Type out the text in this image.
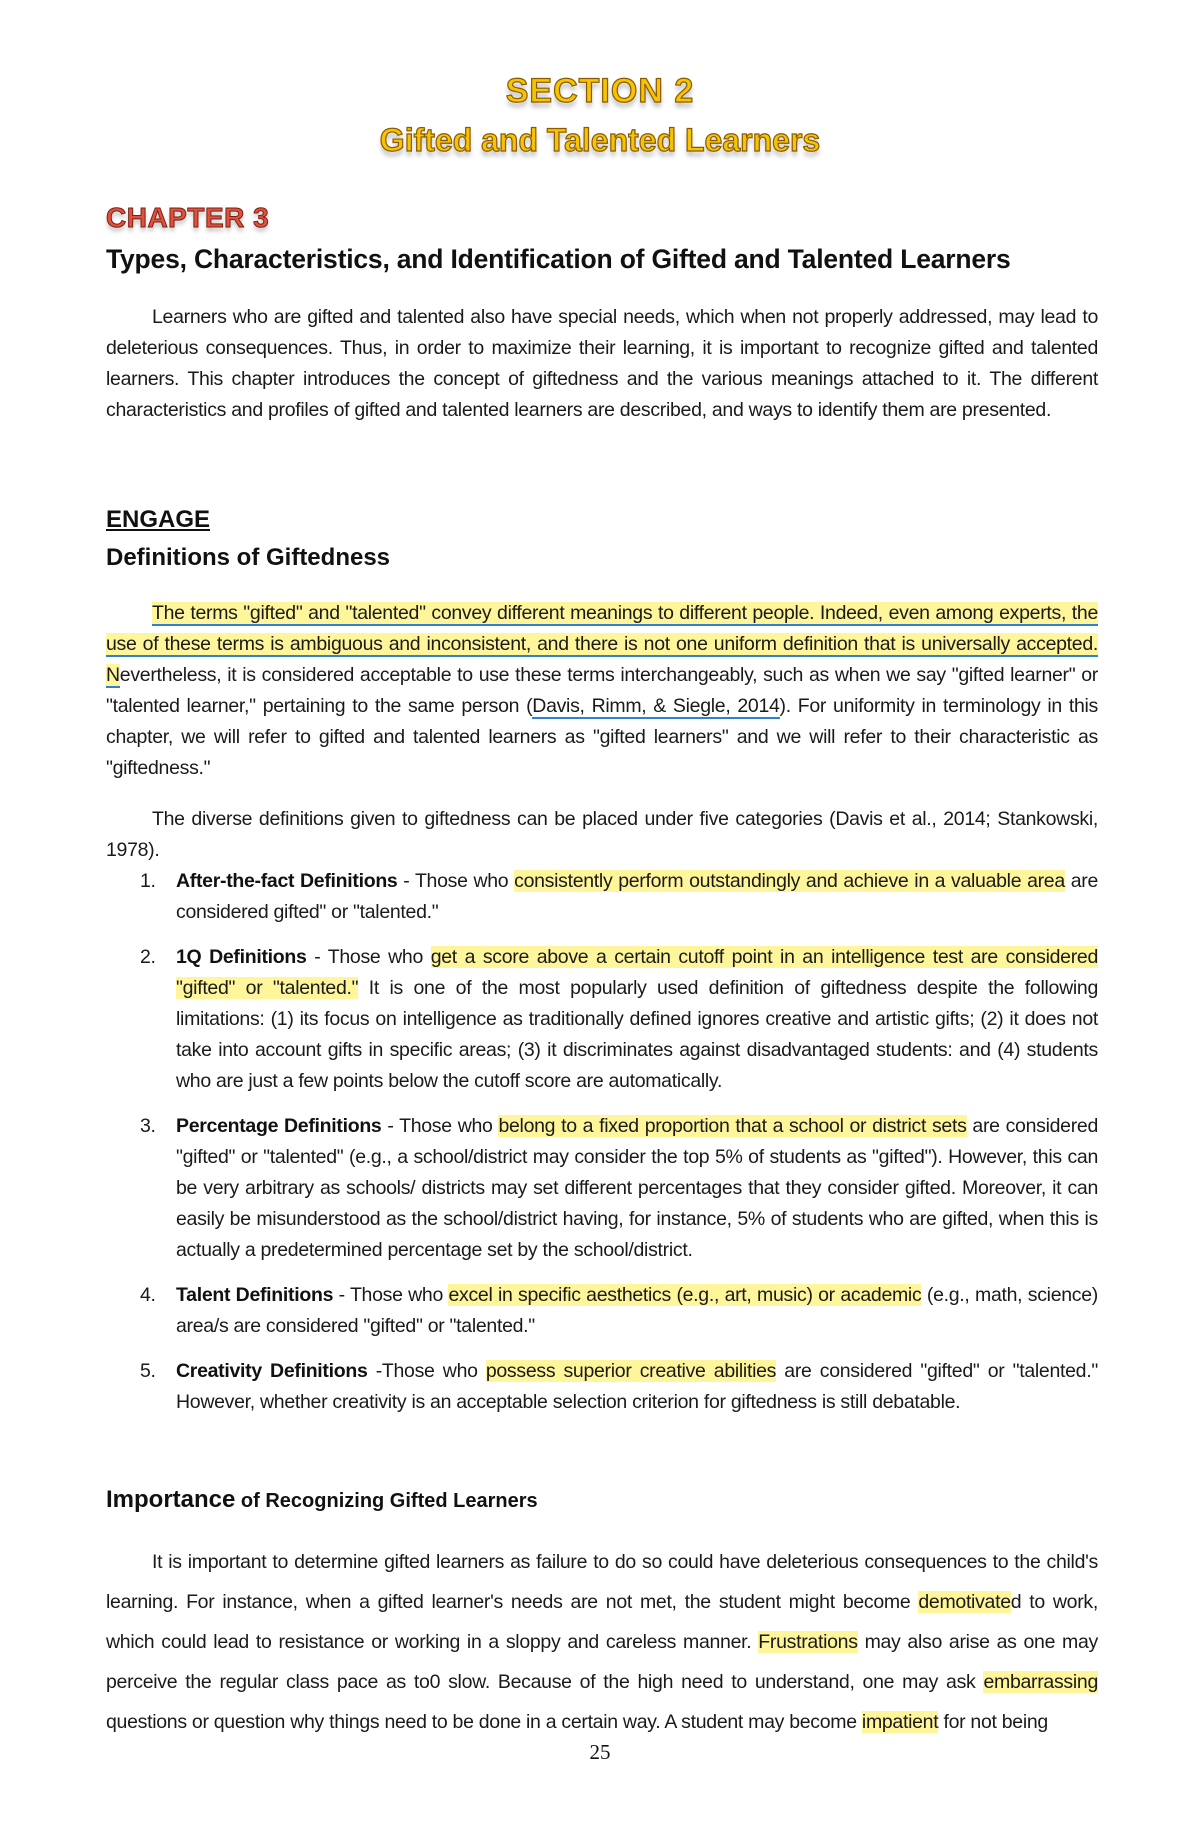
SECTION 2
Gifted and Talented Learners
CHAPTER 3
Types, Characteristics, and Identification of Gifted and Talented Learners
Learners who are gifted and talented also have special needs, which when not properly addressed, may lead to deleterious consequences. Thus, in order to maximize their learning, it is important to recognize gifted and talented learners. This chapter introduces the concept of giftedness and the various meanings attached to it. The different characteristics and profiles of gifted and talented learners are described, and ways to identify them are presented.
ENGAGE
Definitions of Giftedness
The terms "gifted" and "talented" convey different meanings to different people. Indeed, even among experts, the use of these terms is ambiguous and inconsistent, and there is not one uniform definition that is universally accepted. Nevertheless, it is considered acceptable to use these terms interchangeably, such as when we say "gifted learner" or "talented learner," pertaining to the same person (Davis, Rimm, & Siegle, 2014). For uniformity in terminology in this chapter, we will refer to gifted and talented learners as "gifted learners" and we will refer to their characteristic as "giftedness."
The diverse definitions given to giftedness can be placed under five categories (Davis et al., 2014; Stankowski, 1978).
1. After-the-fact Definitions - Those who consistently perform outstandingly and achieve in a valuable area are considered gifted" or "talented."
2. 1Q Definitions - Those who get a score above a certain cutoff point in an intelligence test are considered "gifted" or "talented." It is one of the most popularly used definition of giftedness despite the following limitations: (1) its focus on intelligence as traditionally defined ignores creative and artistic gifts; (2) it does not take into account gifts in specific areas; (3) it discriminates against disadvantaged students: and (4) students who are just a few points below the cutoff score are automatically.
3. Percentage Definitions - Those who belong to a fixed proportion that a school or district sets are considered "gifted" or "talented" (e.g., a school/district may consider the top 5% of students as "gifted"). However, this can be very arbitrary as schools/ districts may set different percentages that they consider gifted. Moreover, it can easily be misunderstood as the school/district having, for instance, 5% of students who are gifted, when this is actually a predetermined percentage set by the school/district.
4. Talent Definitions - Those who excel in specific aesthetics (e.g., art, music) or academic (e.g., math, science) area/s are considered "gifted" or "talented."
5. Creativity Definitions -Those who possess superior creative abilities are considered "gifted" or "talented." However, whether creativity is an acceptable selection criterion for giftedness is still debatable.
Importance of Recognizing Gifted Learners
It is important to determine gifted learners as failure to do so could have deleterious consequences to the child's learning. For instance, when a gifted learner's needs are not met, the student might become demotivated to work, which could lead to resistance or working in a sloppy and careless manner. Frustrations may also arise as one may perceive the regular class pace as to0 slow. Because of the high need to understand, one may ask embarrassing questions or question why things need to be done in a certain way. A student may become impatient for not being
25
